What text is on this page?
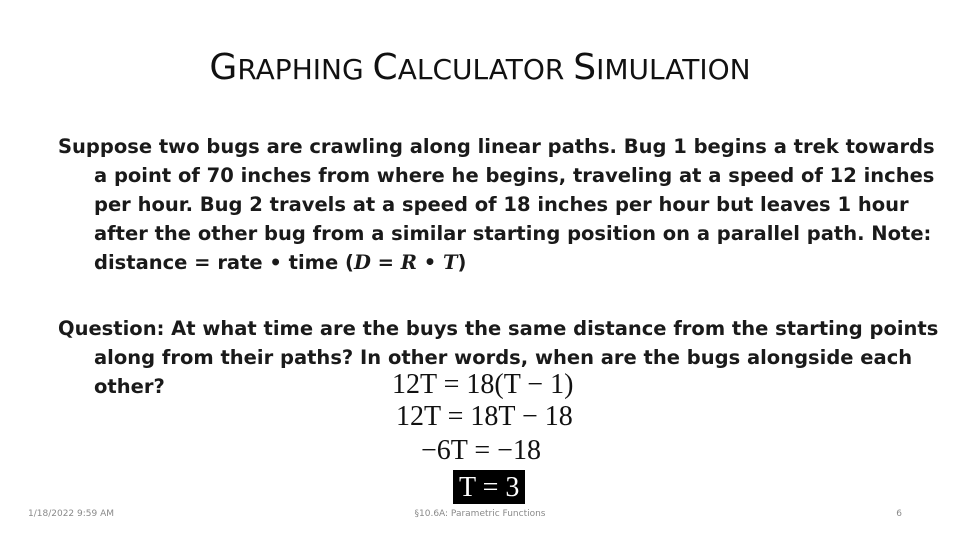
GRAPHING CALCULATOR SIMULATION

Suppose two bugs are crawling along linear paths. Bug 1 begins a trek towards a point of 70 inches from where he begins, traveling at a speed of 12 inches per hour. Bug 2 travels at a speed of 18 inches per hour but leaves 1 hour after the other bug from a similar starting position on a parallel path. Note: distance = rate • time (D = R • T)

Question: At what time are the buys the same distance from the starting points along from their paths? In other words, when are the bugs alongside each other?	12T = 18(T − 1)
12T = 18T − 18
−6T = −18
T = 3
1/18/2022 9:59 AM	§10.6A: Parametric Functions	6
